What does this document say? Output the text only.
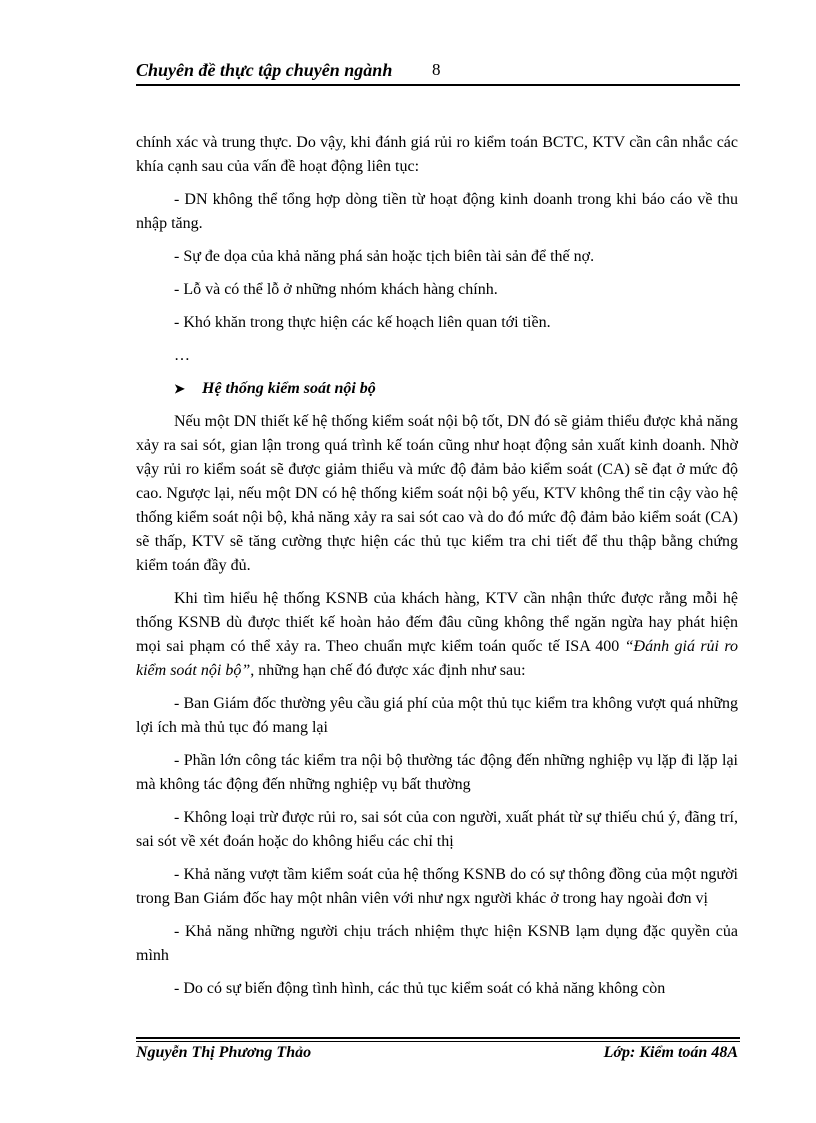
Chuyên đề thực tập chuyên ngành 8

chính xác và trung thực. Do vậy, khi đánh giá rủi ro kiểm toán BCTC, KTV cần cân nhắc các khía cạnh sau của vấn đề hoạt động liên tục:

- DN không thể tổng hợp dòng tiền từ hoạt động kinh doanh trong khi báo cáo về thu nhập tăng.

- Sự đe dọa của khả năng phá sản hoặc tịch biên tài sản để thế nợ.

- Lỗ và có thể lỗ ở những nhóm khách hàng chính.

- Khó khăn trong thực hiện các kế hoạch liên quan tới tiền.

…

➤ Hệ thống kiểm soát nội bộ

Nếu một DN thiết kế hệ thống kiểm soát nội bộ tốt, DN đó sẽ giảm thiểu được khả năng xảy ra sai sót, gian lận trong quá trình kế toán cũng như hoạt động sản xuất kinh doanh. Nhờ vậy rủi ro kiểm soát sẽ được giảm thiểu và mức độ đảm bảo kiểm soát (CA) sẽ đạt ở mức độ cao. Ngược lại, nếu một DN có hệ thống kiểm soát nội bộ yếu, KTV không thể tin cậy vào hệ thống kiểm soát nội bộ, khả năng xảy ra sai sót cao và do đó mức độ đảm bảo kiểm soát (CA) sẽ thấp, KTV sẽ tăng cường thực hiện các thủ tục kiểm tra chi tiết để thu thập bằng chứng kiểm toán đầy đủ.

Khi tìm hiểu hệ thống KSNB của khách hàng, KTV cần nhận thức được rằng mỗi hệ thống KSNB dù được thiết kế hoàn hảo đếm đâu cũng không thể ngăn ngừa hay phát hiện mọi sai phạm có thể xảy ra. Theo chuẩn mực kiểm toán quốc tế ISA 400 “Đánh giá rủi ro kiểm soát nội bộ”, những hạn chế đó được xác định như sau:

- Ban Giám đốc thường yêu cầu giá phí của một thủ tục kiểm tra không vượt quá những lợi ích mà thủ tục đó mang lại

- Phần lớn công tác kiểm tra nội bộ thường tác động đến những nghiệp vụ lặp đi lặp lại mà không tác động đến những nghiệp vụ bất thường

- Không loại trừ được rủi ro, sai sót của con người, xuất phát từ sự thiếu chú ý, đãng trí, sai sót về xét đoán hoặc do không hiểu các chỉ thị

- Khả năng vượt tầm kiểm soát của hệ thống KSNB do có sự thông đồng của một người trong Ban Giám đốc hay một nhân viên với như ngx người khác ở trong hay ngoài đơn vị

- Khả năng những người chịu trách nhiệm thực hiện KSNB lạm dụng đặc quyền của mình

- Do có sự biến động tình hình, các thủ tục kiểm soát có khả năng không còn

Nguyễn Thị Phương Thảo	Lớp: Kiểm toán 48A
